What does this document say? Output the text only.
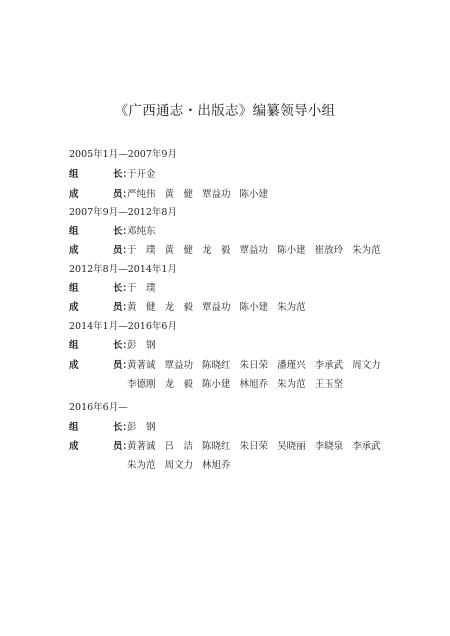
《广西通志・出版志》编纂领导小组
2005年1月—2007年9月
组	长：于开金
成	员：严纯伟 黄　健 覃益功 陈小建
2007年9月—2012年8月
组	长：邓纯东
成	员：于　璞 黄　健 龙　毅 覃益功 陈小建 崔放玲 朱为范
2012年8月—2014年1月
组	长：于　璞
成	员：黄　健 龙　毅 覃益功 陈小建 朱为范
2014年1月—2016年6月
组	长：彭　钢
成	员：黄著诚 覃益功 陈晓红 朱日荣 潘瑾兴 李承武 周文力
李德刚 龙　毅 陈小建 林旭乔 朱为范 王玉坚
2016年6月—
组	长：彭　钢
成	员：黄著诚 吕　洁 陈晓红 朱日荣 吴晓丽 李晓泉 李承武
朱为范 周文力 林旭乔
